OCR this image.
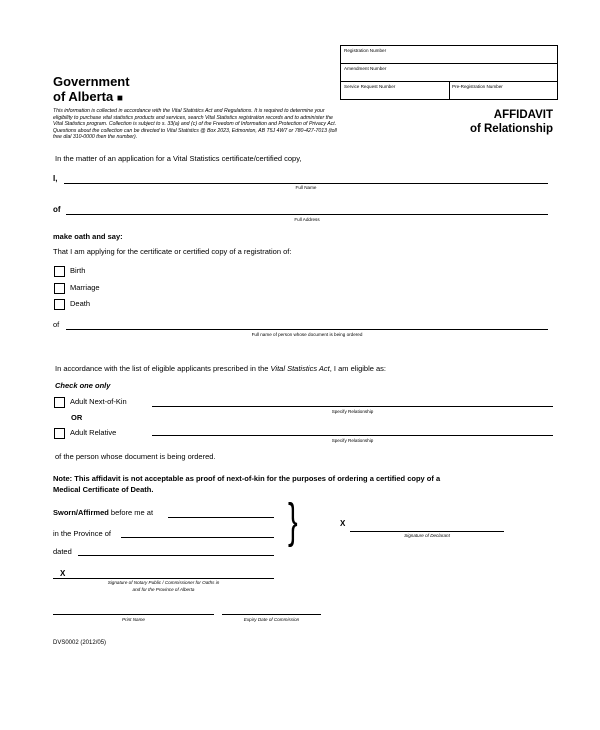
Registration Number
Amendment Number
Service Request Number	Pre-Registration Number
Government
of Alberta ■
This information is collected in accordance with the Vital Statistics Act and Regulations. It is required to determine your eligibility to purchase vital statistics products and services, search Vital Statistics registration records and to administer the Vital Statistics program. Collection is subject to s. 33(a) and (c) of the Freedom of Information and Protection of Privacy Act. Questions about the collection can be directed to Vital Statistics @ Box 2023, Edmonton, AB T5J 4W7 or 780-427-7013 (toll free dial 310-0000 then the number).
AFFIDAVIT
of Relationship
In the matter of an application for a Vital Statistics certificate/certified copy,
I,
Full Name
of
Full Address
make oath and say:
That I am applying for the certificate or certified copy of a registration of:
Birth
Marriage
Death
of
Full name of person whose document is being ordered
In accordance with the list of eligible applicants prescribed in the Vital Statistics Act, I am eligible as:
Check one only
Adult Next-of-Kin
Specify Relationship
OR
Adult Relative
Specify Relationship
of the person whose document is being ordered.
Note: This affidavit is not acceptable as proof of next-of-kin for the purposes of ordering a certified copy of a
Medical Certificate of Death.
Sworn/Affirmed before me at
in the Province of
dated
}	X
Signature of Declarant
X
Signature of Notary Public / Commissioner for Oaths in
and for the Province of Alberta
Print Name	Expiry Date of Commission
DVS0002 (2012/05)
